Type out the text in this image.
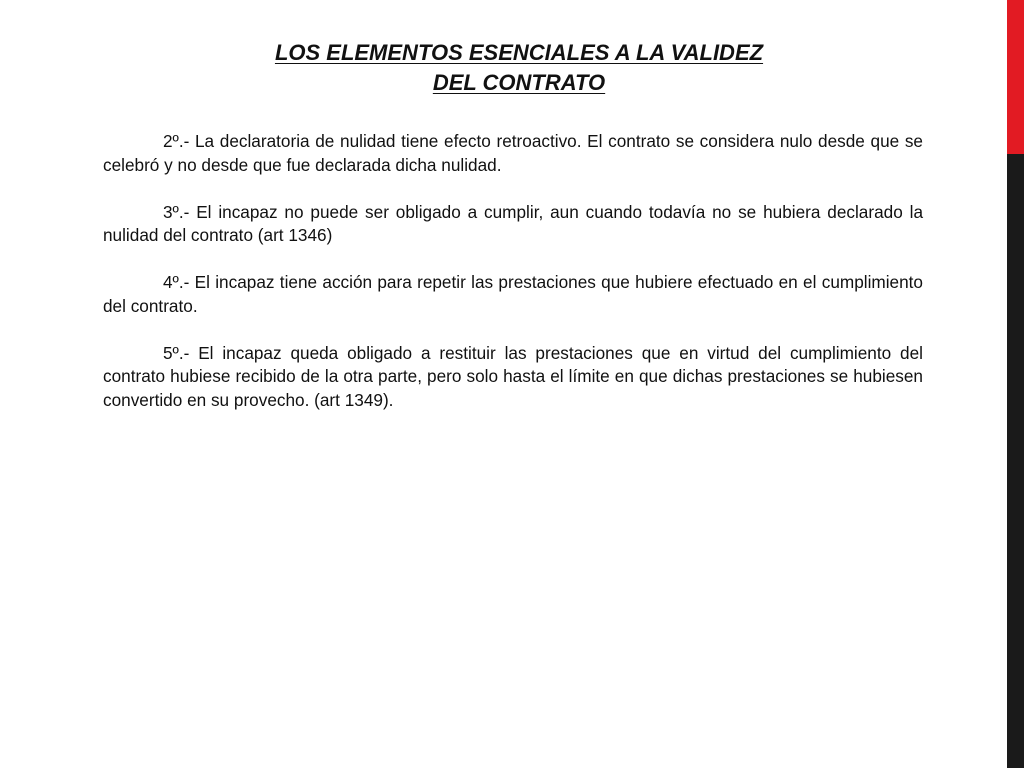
LOS ELEMENTOS ESENCIALES A LA VALIDEZ
DEL CONTRATO

2º.- La declaratoria de nulidad tiene efecto retroactivo. El contrato se considera nulo desde que se celebró y no desde que fue declarada dicha nulidad.

3º.- El incapaz no puede ser obligado a cumplir, aun cuando todavía no se hubiera declarado la nulidad del contrato (art 1346)

4º.- El incapaz tiene acción para repetir las prestaciones que hubiere efectuado en el cumplimiento del contrato.

5º.- El incapaz queda obligado a restituir las prestaciones que en virtud del cumplimiento del contrato hubiese recibido de la otra parte, pero solo hasta el límite en que dichas prestaciones se hubiesen convertido en su provecho. (art 1349).
